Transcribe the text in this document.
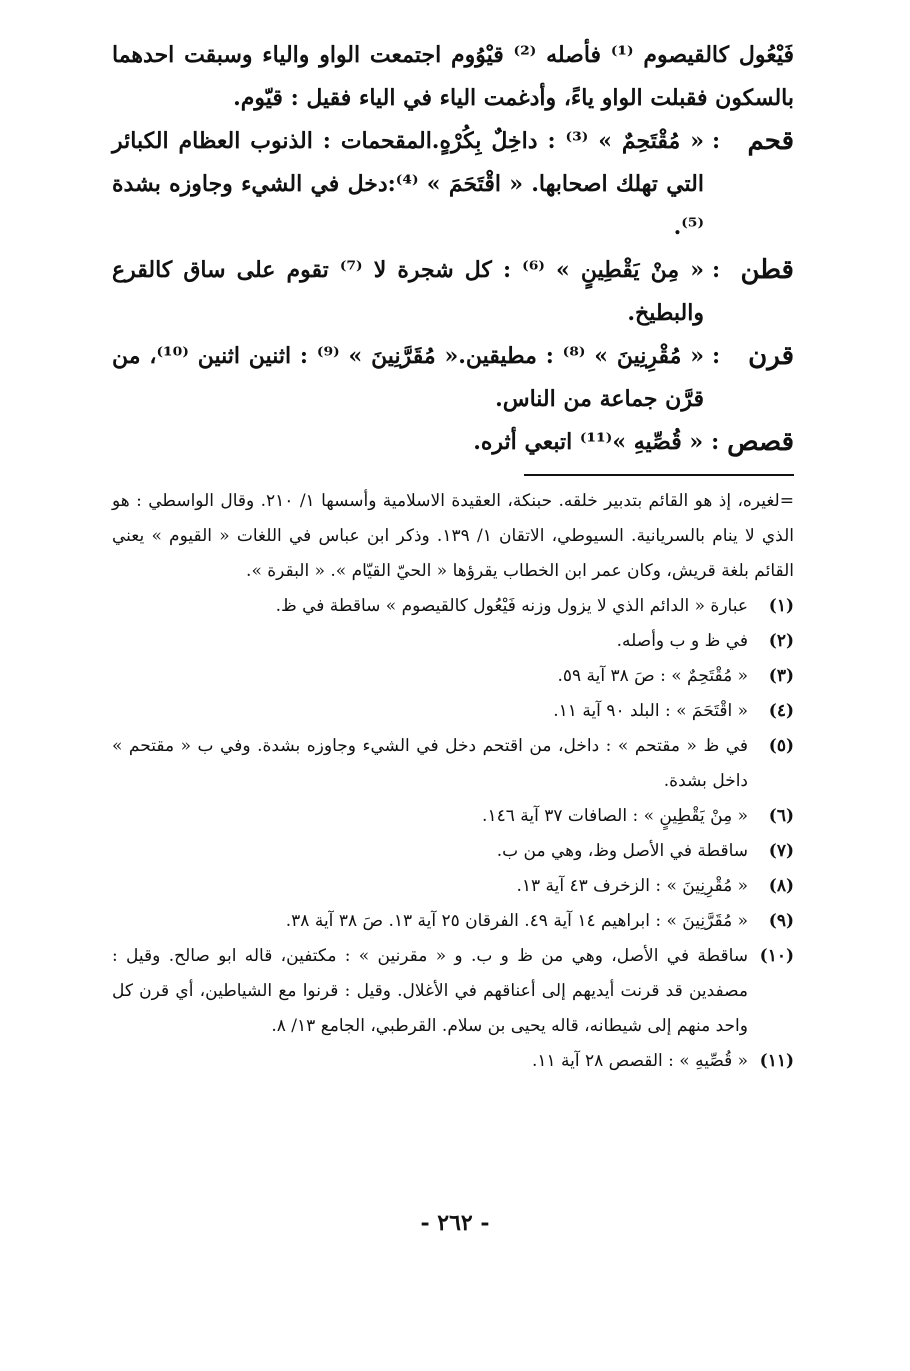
فَيْعُول كالقيصوم ⁽¹⁾ فأصله ⁽²⁾ قيْوُوم اجتمعت الواو والياء وسبقت احدهما بالسكون فقبلت الواو ياءً، وأدغمت الياء في الياء فقيل : قيّوم.

قحم
:
« مُقْتَحِمٌ » ⁽³⁾ : داخِلٌ بِكُرْهٍ.المقحمات : الذنوب العظام الكبائر التي تهلك اصحابها. « اقْتَحَمَ » ⁽⁴⁾:دخل في الشيء وجاوزه بشدة ⁽⁵⁾.
قطن
:
« مِنْ يَقْطِينٍ » ⁽⁶⁾ : كل شجرة لا ⁽⁷⁾ تقوم على ساق كالقرع والبطيخ.
قرن
:
« مُقْرِنِينَ » ⁽⁸⁾ : مطيقين.« مُقَرَّنِينَ » ⁽⁹⁾ : اثنين اثنين ⁽¹⁰⁾، من قرَّن جماعة من الناس.
قصص
:
« قُصِّيهِ »⁽¹¹⁾ اتبعي أثره.

=لغيره، إذ هو القائم بتدبير خلقه. حبنكة، العقيدة الاسلامية وأسسها ١/ ٢١٠. وقال الواسطي : هو الذي لا ينام بالسريانية. السيوطي، الاتقان ١/ ١٣٩. وذكر ابن عباس في اللغات « القيوم » يعني القائم بلغة قريش، وكان عمر ابن الخطاب يقرؤها « الحيّ القيّام ». « البقرة ».

(١)
عبارة « الدائم الذي لا يزول وزنه فَيْعُول كالقيصوم » ساقطة في ظ.
(٢)
في ظ و ب وأصله.
(٣)
« مُقْتَحِمٌ » : صَ ٣٨ آية ٥٩.
(٤)
« اقْتَحَمَ » : البلد ٩٠ آية ١١.
(٥)
في ظ « مقتحم » : داخل، من اقتحم دخل في الشيء وجاوزه بشدة. وفي ب « مقتحم » داخل بشدة.
(٦)
« مِنْ يَقْطِينٍ » : الصافات ٣٧ آية ١٤٦.
(٧)
ساقطة في الأصل وظ، وهي من ب.
(٨)
« مُقْرِنِينَ » : الزخرف ٤٣ آية ١٣.
(٩)
« مُقَرَّنِينَ » : ابراهيم ١٤ آية ٤٩. الفرقان ٢٥ آية ١٣. صَ ٣٨ آية ٣٨.
(١٠)
ساقطة في الأصل، وهي من ظ و ب. و « مقرنين » : مكتفين، قاله ابو صالح. وقيل : مصفدين قد قرنت أيديهم إلى أعناقهم في الأغلال. وقيل : قرنوا مع الشياطين، أي قرن كل واحد منهم إلى شيطانه، قاله يحيى بن سلام. القرطبي، الجامع ١٣/ ٨.
(١١)
« قُصِّيهِ » : القصص ٢٨ آية ١١.
- ٢٦٢ -
